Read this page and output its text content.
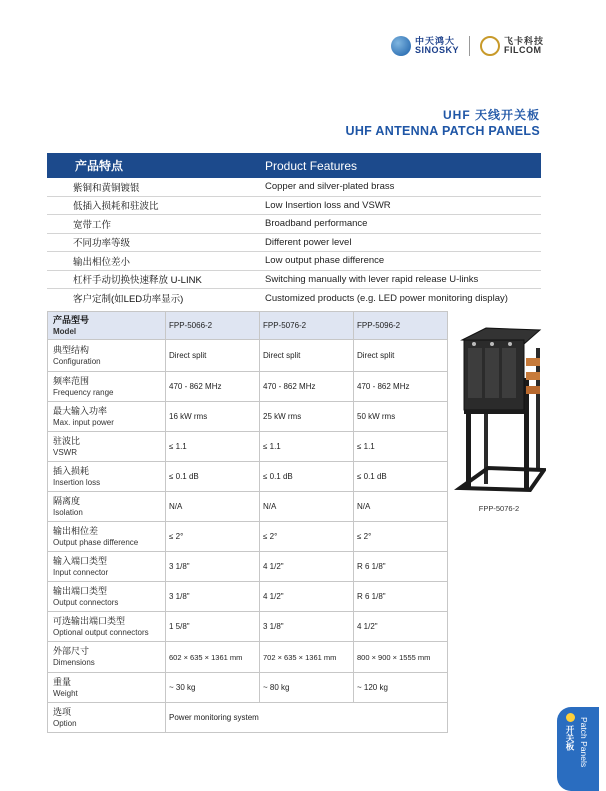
中天鸿大
SINOSKY
飞卡科技
FILCOM
UHF 天线开关板
UHF ANTENNA PATCH PANELS
产品特点	Product Features
紫铜和黄铜镀银	Copper and silver-plated brass
低插入损耗和驻波比	Low Insertion loss and VSWR
宽带工作	Broadband performance
不同功率等级	Different power level
输出相位差小	Low output phase difference
杠杆手动切换快速释放 U-LINK	Switching manually with lever rapid release U-links
客户定制(如LED功率显示)	Customized products (e.g. LED power monitoring display)
产品型号
Model	FPP-5066-2	FPP-5076-2	FPP-5096-2

典型结构
Configuration	Direct split	Direct split	Direct split

频率范围
Frequency range	470 - 862 MHz	470 - 862 MHz	470 - 862 MHz

最大输入功率
Max. input power	16 kW rms	25 kW rms	50 kW rms

驻波比
VSWR	≤ 1.1	≤ 1.1	≤ 1.1

插入损耗
Insertion loss	≤ 0.1 dB	≤ 0.1 dB	≤ 0.1 dB

隔离度
Isolation	N/A	N/A	N/A

输出相位差
Output phase difference	≤ 2°	≤ 2°	≤ 2°

输入端口类型
Input connector	3 1/8"	4 1/2"	R 6 1/8"

输出端口类型
Output connectors	3 1/8"	4 1/2"	R 6 1/8"

可选输出端口类型
Optional output connectors	1 5/8"	3 1/8"	4 1/2"

外部尺寸
Dimensions	602 × 635 × 1361 mm	702 × 635 × 1361 mm	800 × 900 × 1555 mm

重量
Weight	~ 30 kg	~ 80 kg	~ 120 kg

选项
Option	Power monitoring system		
FPP-5076-2
开关板 Patch Panels
